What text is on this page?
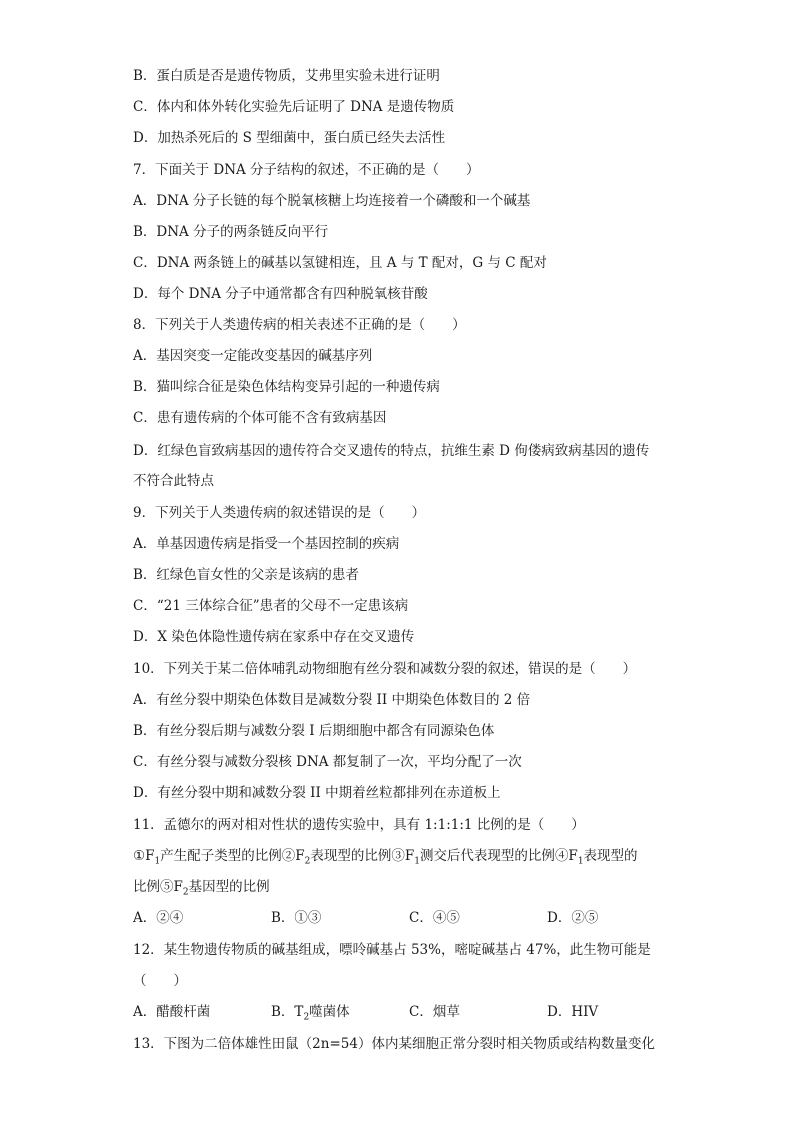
B．蛋白质是否是遗传物质，艾弗里实验未进行证明
C．体内和体外转化实验先后证明了 DNA 是遗传物质
D．加热杀死后的 S 型细菌中，蛋白质已经失去活性
7．下面关于 DNA 分子结构的叙述，不正确的是（　　）
A．DNA 分子长链的每个脱氧核糖上均连接着一个磷酸和一个碱基
B．DNA 分子的两条链反向平行
C．DNA 两条链上的碱基以氢键相连，且 A 与 T 配对，G 与 C 配对
D．每个 DNA 分子中通常都含有四种脱氧核苷酸
8．下列关于人类遗传病的相关表述不正确的是（　　）
A．基因突变一定能改变基因的碱基序列
B．猫叫综合征是染色体结构变异引起的一种遗传病
C．患有遗传病的个体可能不含有致病基因
D．红绿色盲致病基因的遗传符合交叉遗传的特点，抗维生素 D 佝偻病致病基因的遗传
不符合此特点
9．下列关于人类遗传病的叙述错误的是（　　）
A．单基因遗传病是指受一个基因控制的疾病
B．红绿色盲女性的父亲是该病的患者
C．“21 三体综合征”患者的父母不一定患该病
D．X 染色体隐性遗传病在家系中存在交叉遗传
10．下列关于某二倍体哺乳动物细胞有丝分裂和减数分裂的叙述，错误的是（　　）
A．有丝分裂中期染色体数目是减数分裂 II 中期染色体数目的 2 倍
B．有丝分裂后期与减数分裂 I 后期细胞中都含有同源染色体
C．有丝分裂与减数分裂核 DNA 都复制了一次，平均分配了一次
D．有丝分裂中期和减数分裂 II 中期着丝粒都排列在赤道板上
11．孟德尔的两对相对性状的遗传实验中，具有 1:1:1:1 比例的是（　　）
$①F_1$产生配子类型的比例$②F_2$表现型的比例$③F_1$测交后代表现型的比例$④F_1$表现型的
比例$⑤F_2$基因型的比例
A．②④	B．①③	C．④⑤	D．②⑤
12．某生物遗传物质的碱基组成，嘌呤碱基占 53%，嘧啶碱基占 47%，此生物可能是
（　　）
A．醋酸杆菌	B．$T_2$噬菌体	C．烟草	D．HIV
13．下图为二倍体雄性田鼠（2n=54）体内某细胞正常分裂时相关物质或结构数量变化
